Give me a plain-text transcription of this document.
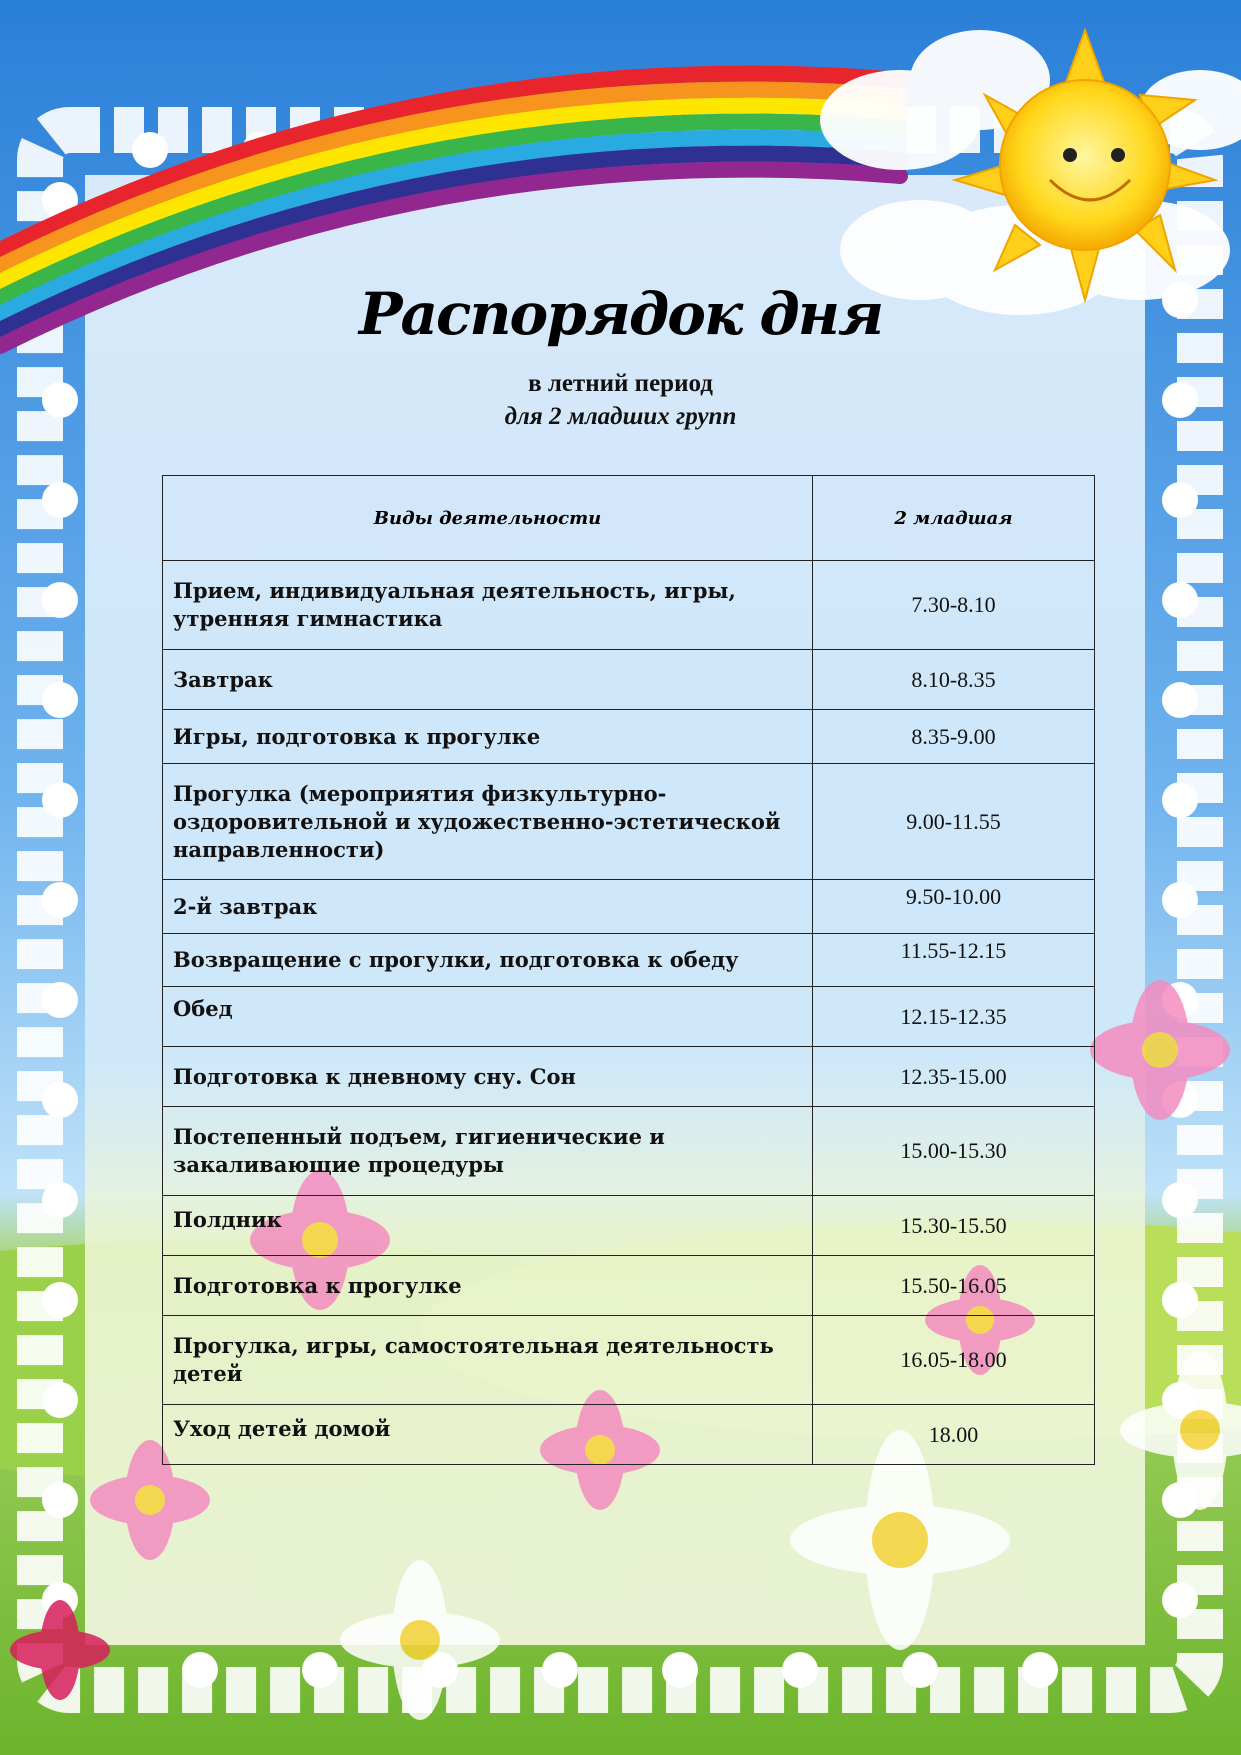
Распорядок дня
в летний период
для 2 младших групп
Виды деятельности	2 младшая
Прием, индивидуальная деятельность, игры, утренняя гимнастика	7.30-8.10
Завтрак	8.10-8.35
Игры, подготовка к прогулке	8.35-9.00
Прогулка (мероприятия физкультурно-оздоровительной и художественно-эстетической направленности)	9.00-11.55
2-й завтрак	9.50-10.00
Возвращение с прогулки, подготовка к обеду	11.55-12.15
Обед	12.15-12.35
Подготовка к дневному сну. Сон	12.35-15.00
Постепенный подъем, гигиенические и закаливающие процедуры	15.00-15.30
Полдник	15.30-15.50
Подготовка к прогулке	15.50-16.05
Прогулка, игры, самостоятельная деятельность детей	16.05-18.00
Уход детей домой	18.00
